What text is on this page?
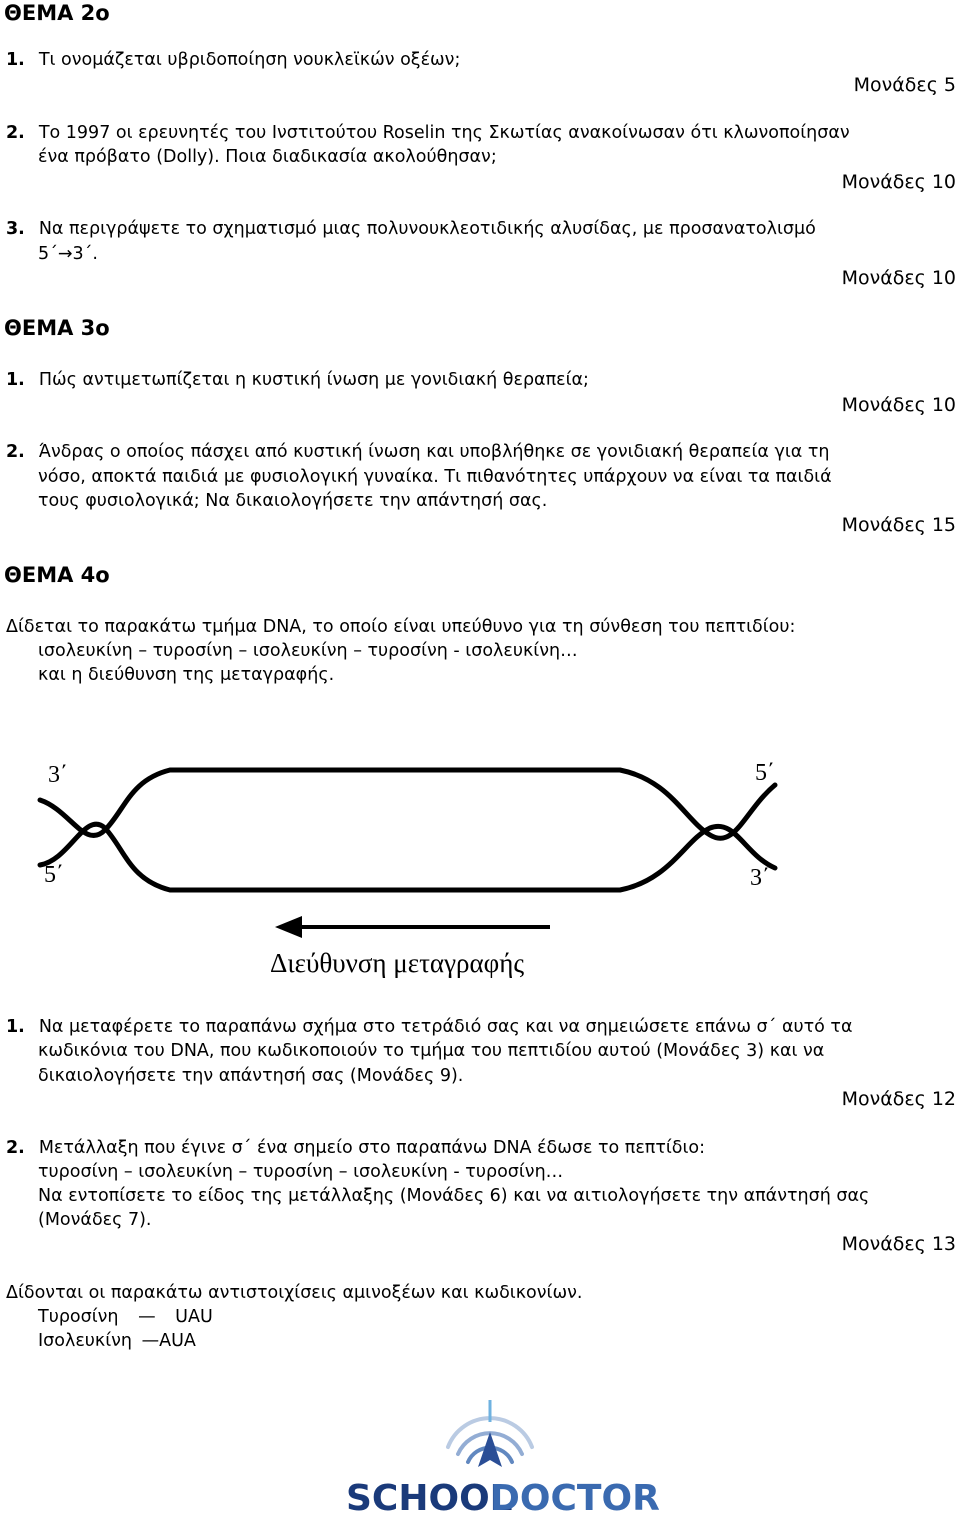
ΘΕΜΑ 2ο
1. Τι ονομάζεται υβριδοποίηση νουκλεϊκών οξέων;
Μονάδες 5
2. Το 1997 οι ερευνητές του Ινστιτούτου Roselin της Σκωτίας ανακοίνωσαν ότι κλωνοποίησαν
ένα πρόβατο (Dolly). Ποια διαδικασία ακολούθησαν;
Μονάδες 10
3. Να περιγράψετε το σχηματισμό μιας πολυνουκλεοτιδικής αλυσίδας, με προσανατολισμό
5΄→3΄.
Μονάδες 10
ΘΕΜΑ 3ο
1. Πώς αντιμετωπίζεται η κυστική ίνωση με γονιδιακή θεραπεία;
Μονάδες 10
2. Άνδρας ο οποίος πάσχει από κυστική ίνωση και υποβλήθηκε σε γονιδιακή θεραπεία για τη
νόσο, αποκτά παιδιά με φυσιολογική γυναίκα. Τι πιθανότητες υπάρχουν να είναι τα παιδιά
τους φυσιολογικά; Να δικαιολογήσετε την απάντησή σας.
Μονάδες 15
ΘΕΜΑ 4ο
Δίδεται το παρακάτω τμήμα DNA, το οποίο είναι υπεύθυνο για τη σύνθεση του πεπτιδίου:
ισολευκίνη – τυροσίνη – ισολευκίνη – τυροσίνη - ισολευκίνη…
και η διεύθυνση της μεταγραφής.
3΄	5΄
5΄	3΄
Διεύθυνση μεταγραφής
1. Να μεταφέρετε το παραπάνω σχήμα στο τετράδιό σας και να σημειώσετε επάνω σ΄ αυτό τα
κωδικόνια του DNA, που κωδικοποιούν το τμήμα του πεπτιδίου αυτού (Μονάδες 3) και να
δικαιολογήσετε την απάντησή σας (Μονάδες 9).
Μονάδες 12
2. Μετάλλαξη που έγινε σ΄ ένα σημείο στο παραπάνω DNA έδωσε το πεπτίδιο:
τυροσίνη – ισολευκίνη – τυροσίνη – ισολευκίνη - τυροσίνη…
Να εντοπίσετε το είδος της μετάλλαξης (Μονάδες 6) και να αιτιολογήσετε την απάντησή σας
(Μονάδες 7).
Μονάδες 13
Δίδονται οι παρακάτω αντιστοιχίσεις αμινοξέων και κωδικονίων.
Τυροσίνη — UAU
Ισολευκίνη —AUA
SCHOOL
DOCTOR
